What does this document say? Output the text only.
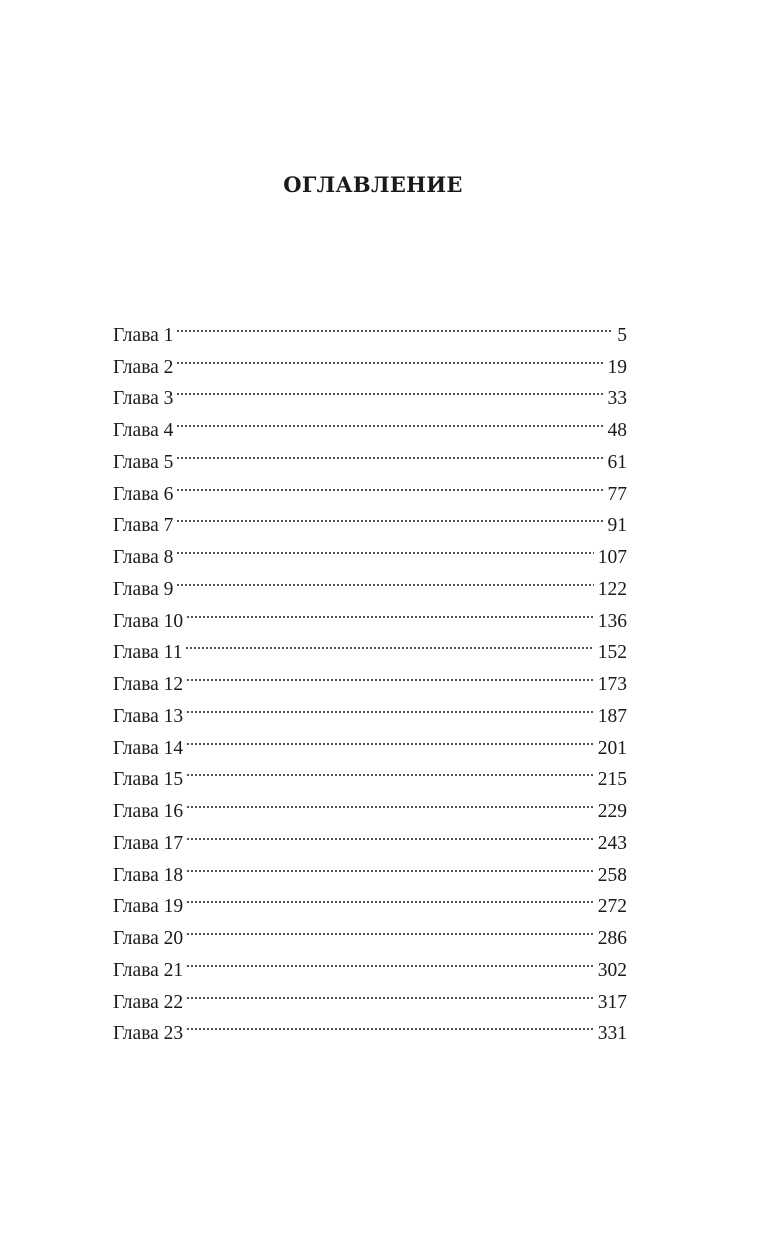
ОГЛАВЛЕНИЕ
Глава 1	5
Глава 2	19
Глава 3	33
Глава 4	48
Глава 5	61
Глава 6	77
Глава 7	91
Глава 8	107
Глава 9	122
Глава 10	136
Глава 11	152
Глава 12	173
Глава 13	187
Глава 14	201
Глава 15	215
Глава 16	229
Глава 17	243
Глава 18	258
Глава 19	272
Глава 20	286
Глава 21	302
Глава 22	317
Глава 23	331
